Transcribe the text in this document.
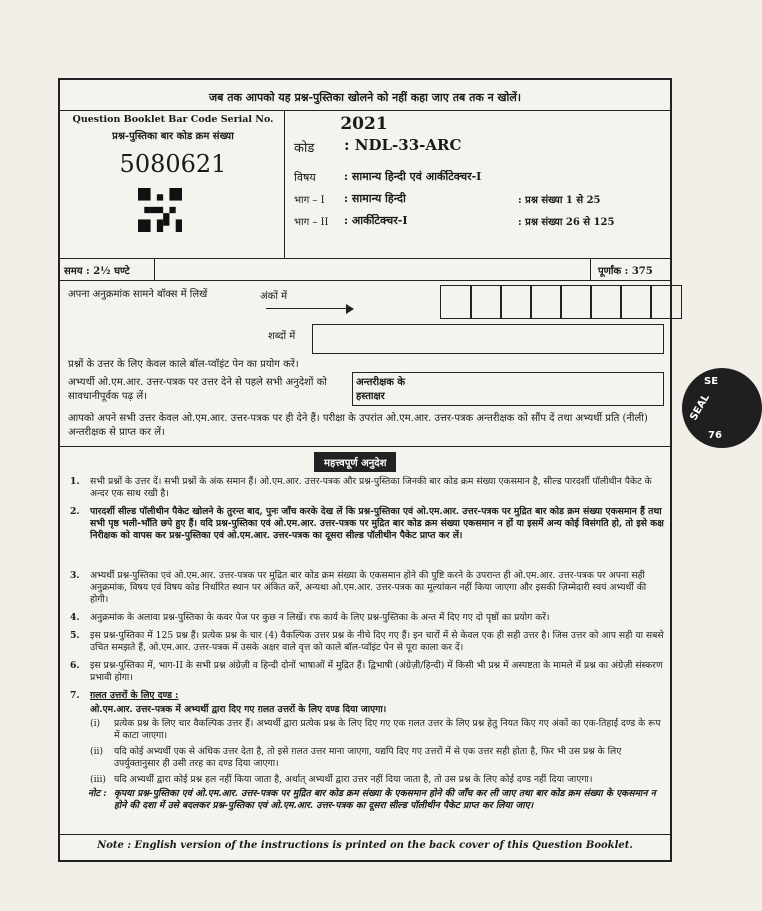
जब तक आपको यह प्रश्न-पुस्तिका खोलने को नहीं कहा जाए तब तक न खोलें।
Question Booklet Bar Code Serial No.
प्रश्न-पुस्तिका बार कोड क्रम संख्या
5080621
2021
कोड : NDL-33-ARC
विषय	: सामान्य हिन्दी एवं आर्कीटेक्चर-I
भाग – I : सामान्य हिन्दी	: प्रश्न संख्या 1 से 25
भाग – II : आर्कीटेक्चर-I	: प्रश्न संख्या 26 से 125
समय : 2½ घण्टे	पूर्णांक : 375
अपना अनुक्रमांक सामने बॉक्स में लिखें	अंकों में
शब्दों में
प्रश्नों के उत्तर के लिए केवल काले बॉल-प्वॉइंट पेन का प्रयोग करें।
अभ्यर्थी ओ.एम.आर. उत्तर-पत्रक पर उत्तर देने से पहले सभी अनुदेशों को सावधानीपूर्वक पढ़ लें।
अन्तरीक्षक के हस्ताक्षर
आपको अपने सभी उत्तर केवल ओ.एम.आर. उत्तर-पत्रक पर ही देने हैं। परीक्षा के उपरांत ओ.एम.आर. उत्तर-पत्रक अन्तरीक्षक को सौंप दें तथा अभ्यर्थी प्रति (नीली) अन्तरीक्षक से प्राप्त कर लें।
महत्त्वपूर्ण अनुदेश
1. सभी प्रश्नों के उत्तर दें। सभी प्रश्नों के अंक समान हैं। ओ.एम.आर. उत्तर-पत्रक और प्रश्न-पुस्तिका जिनकी बार कोड क्रम संख्या एकसमान है, सील्ड पारदर्शी पॉलीथीन पैकेट के अन्दर एक साथ रखी है।
2. पारदर्शी सील्ड पॉलीथीन पैकेट खोलने के तुरन्त बाद, पुनः जाँच करके देख लें कि प्रश्न-पुस्तिका एवं ओ.एम.आर. उत्तर-पत्रक पर मुद्रित बार कोड क्रम संख्या एकसमान हैं तथा सभी पृष्ठ भली-भाँति छपे हुए हैं। यदि प्रश्न-पुस्तिका एवं ओ.एम.आर. उत्तर-पत्रक पर मुद्रित बार कोड क्रम संख्या एकसमान न हों या इसमें अन्य कोई विसंगति हो, तो इसे कक्ष निरीक्षक को वापस कर प्रश्न-पुस्तिका एवं ओ.एम.आर. उत्तर-पत्रक का दूसरा सील्ड पॉलीथीन पैकेट प्राप्त कर लें।
3. अभ्यर्थी प्रश्न-पुस्तिका एवं ओ.एम.आर. उत्तर-पत्रक पर मुद्रित बार कोड क्रम संख्या के एकसमान होने की पुष्टि करने के उपरान्त ही ओ.एम.आर. उत्तर-पत्रक पर अपना सही अनुक्रमांक, विषय एवं विषय कोड निर्धारित स्थान पर अंकित करें, अन्यथा ओ.एम.आर. उत्तर-पत्रक का मूल्यांकन नहीं किया जाएगा और इसकी ज़िम्मेदारी स्वयं अभ्यर्थी की होगी।
4. अनुक्रमांक के अलावा प्रश्न-पुस्तिका के कवर पेज पर कुछ न लिखें। रफ कार्य के लिए प्रश्न-पुस्तिका के अन्त में दिए गए दो पृष्ठों का प्रयोग करें।
5. इस प्रश्न-पुस्तिका में 125 प्रश्न हैं। प्रत्येक प्रश्न के चार (4) वैकल्पिक उत्तर प्रश्न के नीचे दिए गए हैं। इन चारों में से केवल एक ही सही उत्तर है। जिस उत्तर को आप सही या सबसे उचित समझते हैं, ओ.एम.आर. उत्तर-पत्रक में उसके अक्षर वाले वृत्त को काले बॉल-प्वॉइंट पेन से पूरा काला कर दें।
6. इस प्रश्न-पुस्तिका में, भाग-II के सभी प्रश्न अंग्रेज़ी व हिन्दी दोनों भाषाओं में मुद्रित हैं। द्विभाषी (अंग्रेज़ी/हिन्दी) में किसी भी प्रश्न में अस्पष्टता के मामले में प्रश्न का अंग्रेज़ी संस्करण प्रभावी होगा।
7. ग़लत उत्तरों के लिए दण्ड :
ओ.एम.आर. उत्तर-पत्रक में अभ्यर्थी द्वारा दिए गए ग़लत उत्तरों के लिए दण्ड दिया जाएगा।
(i) प्रत्येक प्रश्न के लिए चार वैकल्पिक उत्तर हैं। अभ्यर्थी द्वारा प्रत्येक प्रश्न के लिए दिए गए एक ग़लत उत्तर के लिए प्रश्न हेतु नियत किए गए अंकों का एक-तिहाई दण्ड के रूप में काटा जाएगा।
(ii) यदि कोई अभ्यर्थी एक से अधिक उत्तर देता है, तो इसे ग़लत उत्तर माना जाएगा, यद्यपि दिए गए उत्तरों में से एक उत्तर सही होता है, फिर भी उस प्रश्न के लिए उपर्युक्तानुसार ही उसी तरह का दण्ड दिया जाएगा।
(iii) यदि अभ्यर्थी द्वारा कोई प्रश्न हल नहीं किया जाता है, अर्थात् अभ्यर्थी द्वारा उत्तर नहीं दिया जाता है, तो उस प्रश्न के लिए कोई दण्ड नहीं दिया जाएगा।
नोट : कृपया प्रश्न-पुस्तिका एवं ओ.एम.आर. उत्तर-पत्रक पर मुद्रित बार कोड क्रम संख्या के एकसमान होने की जाँच कर ली जाए तथा बार कोड क्रम संख्या के एकसमान न होने की दशा में उसे बदलकर प्रश्न-पुस्तिका एवं ओ.एम.आर. उत्तर-पत्रक का दूसरा सील्ड पॉलीथीन पैकेट प्राप्त कर लिया जाए।
Note : English version of the instructions is printed on the back cover of this Question Booklet.
SE
SEAL
76
